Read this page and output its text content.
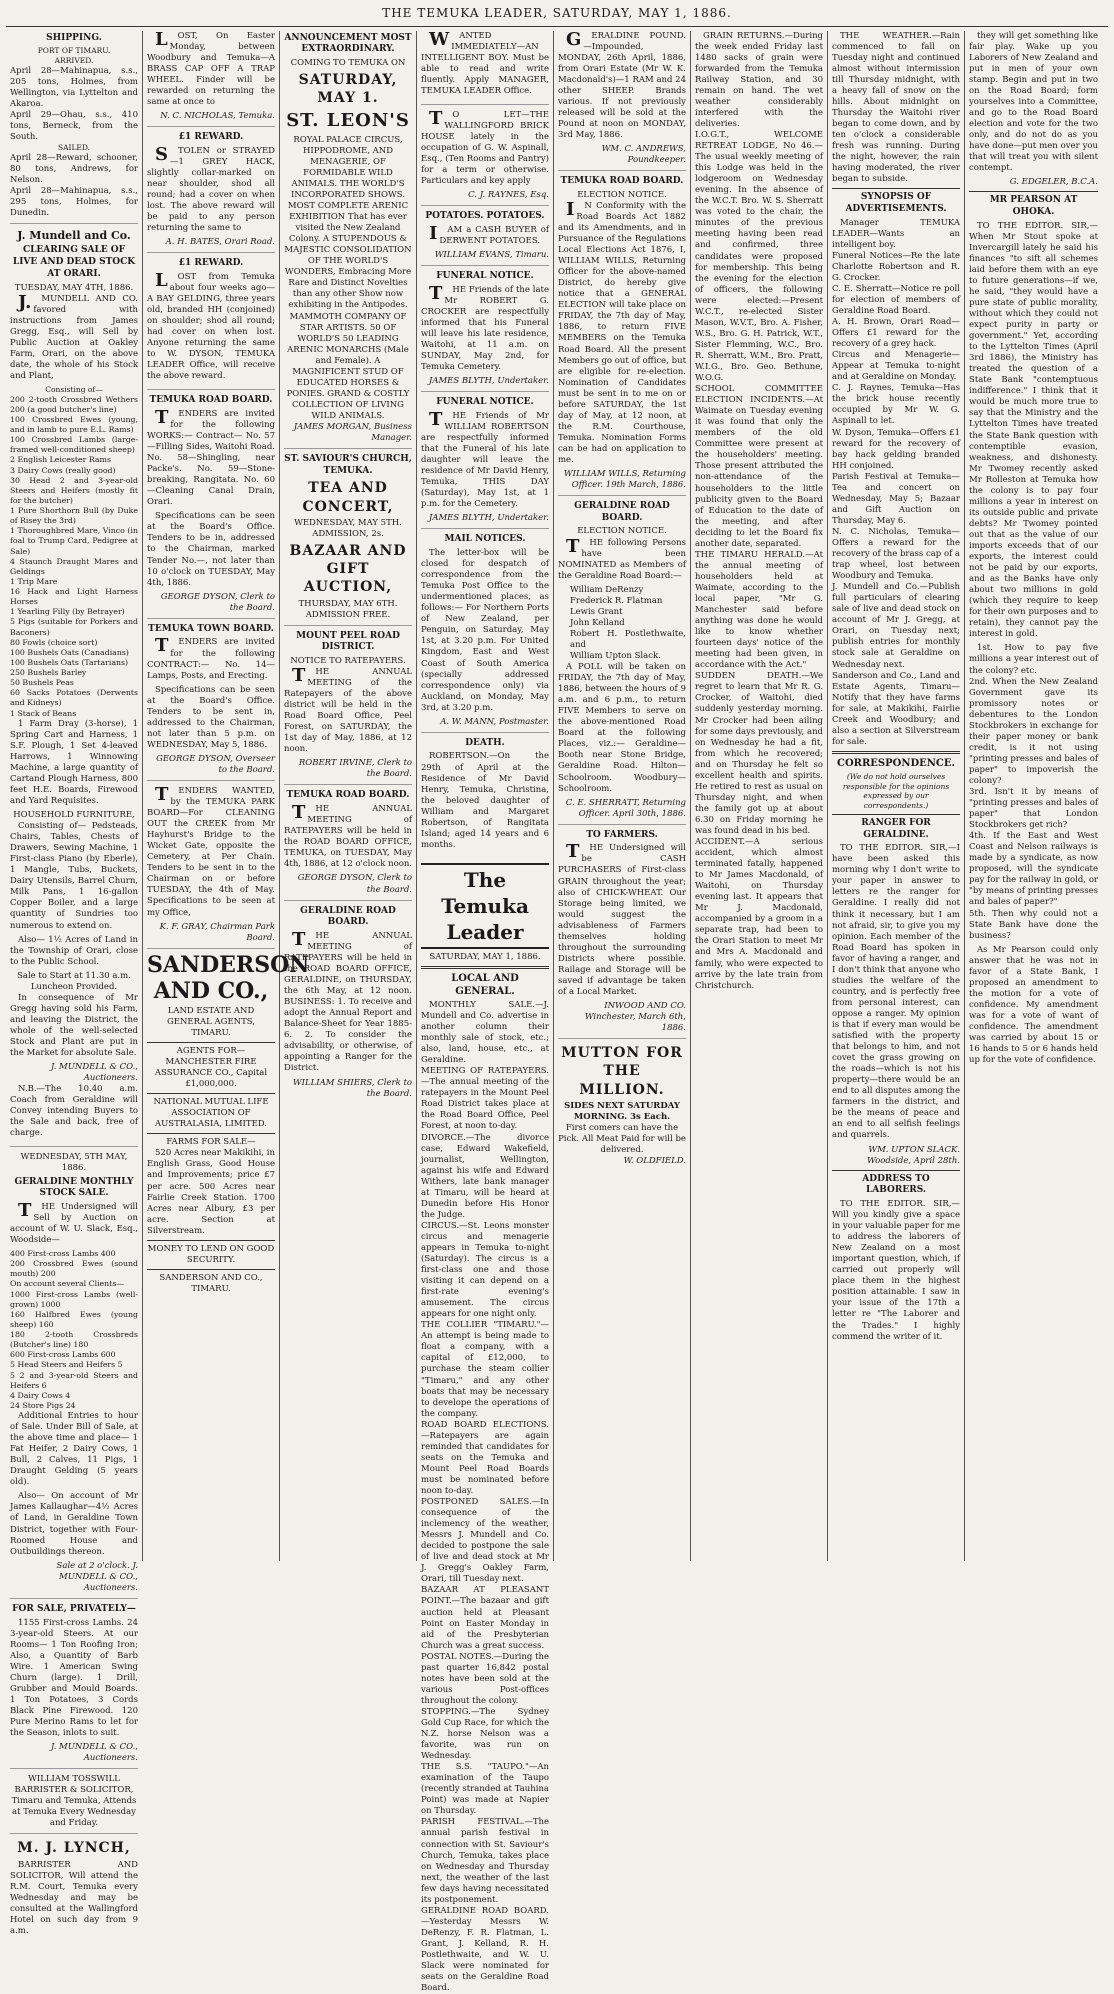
THE TEMUKA LEADER, SATURDAY, MAY 1, 1886.
SHIPPING.
PORT OF TIMARU.
ARRIVED.
April 28—Mahinapua, s.s., 205 tons, Holmes, from Wellington, via Lyttelton and Akaroa.
April 29—Ohau, s.s., 410 tons, Berneck, from the South.
SAILED.
April 28—Reward, schooner, 80 tons, Andrews, for Nelson.
April 28—Mahinapua, s.s., 295 tons, Holmes, for Dunedin.
J. Mundell and Co.
CLEARING SALE OF LIVE AND DEAD STOCK AT ORARI.
TUESDAY, MAY 4TH, 1886.
J.MUNDELL AND CO. favored with instructions from James Gregg, Esq., will Sell by Public Auction at Oakley Farm, Orari, on the above date, the whole of his Stock and Plant,
Consisting of—
200 2-tooth Crossbred Wethers 200 (a good butcher's line)
100 Crossbred Ewes (young, and in lamb to pure E.L. Rams)
100 Crossbred Lambs (large-framed well-conditioned sheep)
2 English Leicester Rams
3 Dairy Cows (really good)
30 Head 2 and 3-year-old Steers and Heifers (mostly fit for the butcher)
1 Pure Shorthorn Bull (by Duke of Risey the 3rd)
1 Thoroughbred Mare, Vinco (in foal to Trump Card, Pedigree at Sale)
4 Staunch Draught Mares and Geldings
1 Trip Mare
16 Hack and Light Harness Horses
1 Yearling Filly (by Betrayer)
5 Pigs (suitable for Porkers and Baconers)
80 Fowls (choice sort)
100 Bushels Oats (Canadians)
100 Bushels Oats (Tartarians)
250 Bushels Barley
50 Bushels Peas
60 Sacks Potatoes (Derwents and Kidneys)
1 Stack of Beans
1 Farm Dray (3-horse), 1 Spring Cart and Harness, 1 S.F. Plough, 1 Set 4-leaved Harrows, 1 Winnowing Machine, a large quantity of Cartand Plough Harness, 800 feet H.E. Boards, Firewood and Yard Requisites.
HOUSEHOLD FURNITURE,
Consisting of— Pedsteads, Chairs, Tables, Chests of Drawers, Sewing Machine, 1 First-class Piano (by Eberle), 1 Mangle, Tubs, Buckets, Dairy Utensils, Barrel Churn, Milk Pans, 1 16-gallon Copper Boiler, and a large quantity of Sundries too numerous to extend on.
Also— 1½ Acres of Land in the Township of Orari, close to the Public School.
Sale to Start at 11.30 a.m. Luncheon Provided.
In consequence of Mr Gregg having sold his Farm, and leaving the District, the whole of the well-selected Stock and Plant are put in the Market for absolute Sale.
J. MUNDELL & CO., Auctioneers.
N.B.—The 10.40 a.m. Coach from Geraldine will Convey intending Buyers to the Sale and back, free of charge.
WEDNESDAY, 5TH MAY, 1886.
GERALDINE MONTHLY STOCK SALE.
THE Undersigned will Sell by Auction on account of W. U. Slack, Esq., Woodside—
400 First-cross Lambs 400
200 Crossbred Ewes (sound mouth) 200
On account several Clients—
1000 First-cross Lambs (well-grown) 1000
160 Halfbred Ewes (young sheep) 160
180 2-tooth Crossbreds (Butcher's line) 180
600 First-cross Lambs 600
5 Head Steers and Heifers 5
5 2 and 3-year-old Steers and Heifers 6
4 Dairy Cows 4
24 Store Pigs 24
Additional Entries to hour of Sale. Under Bill of Sale, at the above time and place— 1 Fat Heifer, 2 Dairy Cows, 1 Bull, 2 Calves, 11 Pigs, 1 Draught Gelding (5 years old).
Also— On account of Mr James Kallaughar—4½ Acres of Land, in Geraldine Town District, together with Four-Roomed House and Outbuildings thereon.
Sale at 2 o'clock. J. MUNDELL & CO., Auctioneers.
FOR SALE, PRIVATELY—
1155 First-cross Lambs. 24 3-year-old Steers. At our Rooms— 1 Ton Roofing Iron; Also, a Quantity of Barb Wire. 1 American Swing Churn (large). 1 Drill, Grubber and Mould Boards. 1 Ton Potatoes, 3 Cords Black Pine Firewood. 120 Pure Merino Rams to let for the Season, inlots to suit.
J. MUNDELL & CO., Auctioneers.
WILLIAM TOSSWILL BARRISTER & SOLICITOR, Timaru and Temuka, Attends at Temuka Every Wednesday and Friday.
M. J. LYNCH,
BARRISTER AND SOLICITOR, Will attend the R.M. Court, Temuka every Wednesday and may be consulted at the Wallingford Hotel on such day from 9 a.m.
LOST, On Easter Monday, between Woodbury and Temuka—A BRASS CAP OFF A TRAP WHEEL. Finder will be rewarded on returning the same at once to
N. C. NICHOLAS, Temuka.
£1 REWARD.
STOLEN or STRAYED—1 GREY HACK, slightly collar-marked on near shoulder, shod all round; had a cover on when lost. The above reward will be paid to any person returning the same to
A. H. BATES, Orari Road.
£1 REWARD.
LOST from Temuka about four weeks ago—A BAY GELDING, three years old, branded HH (conjoined) on shoulder; shod all round; had cover on when lost. Anyone returning the same to W. DYSON, TEMUKA LEADER Office, will receive the above reward.
TEMUKA ROAD BOARD.
TENDERS are invited for the following WORKS:— Contract— No. 57—Filling Sides, Waitohi Road. No. 58—Shingling, near Packe's. No. 59—Stone-breaking, Rangitata. No. 60—Cleaning Canal Drain, Orari.
Specifications can be seen at the Board's Office. Tenders to be in, addressed to the Chairman, marked Tender No.—, not later than 10 o'clock on TUESDAY, May 4th, 1886.
GEORGE DYSON, Clerk to the Board.
TEMUKA TOWN BOARD.
TENDERS are invited for the following CONTRACT:— No. 14—Lamps, Posts, and Erecting.
Specifications can be seen at the Board's Office. Tenders to be sent in, addressed to the Chairman, not later than 5 p.m. on WEDNESDAY, May 5, 1886.
GEORGE DYSON, Overseer to the Board.
TENDERS WANTED, by the TEMUKA PARK BOARD—For CLEANING OUT the CREEK from Mr Hayhurst's Bridge to the Wicket Gate, opposite the Cemetery, at Per Chain. Tenders to be sent in to the Chairman on or before TUESDAY, the 4th of May. Specifications to be seen at my Office,
K. F. GRAY, Chairman Park Board.
SANDERSON
AND CO.,
LAND ESTATE AND GENERAL AGENTS, TIMARU.
AGENTS FOR— MANCHESTER FIRE ASSURANCE CO., Capital £1,000,000.
NATIONAL MUTUAL LIFE ASSOCIATION OF AUSTRALASIA, LIMITED.
FARMS FOR SALE—
520 Acres near Makikihi, in English Grass, Good House and Improvements; price £7 per acre. 500 Acres near Fairlie Creek Station. 1700 Acres near Albury, £3 per acre. Section at Silverstream.
MONEY TO LEND ON GOOD SECURITY.
SANDERSON AND CO., TIMARU.
ANNOUNCEMENT MOST EXTRAORDINARY.
COMING TO TEMUKA ON
SATURDAY, MAY 1.
ST. LEON'S
ROYAL PALACE CIRCUS, HIPPODROME, AND MENAGERIE, OF FORMIDABLE WILD ANIMALS. THE WORLD'S INCORPORATED SHOWS. MOST COMPLETE ARENIC EXHIBITION That has ever visited the New Zealand Colony. A STUPENDOUS & MAJESTIC CONSOLIDATION OF THE WORLD'S WONDERS, Embracing More Rare and Distinct Novelties than any other Show now exhibiting in the Antipodes. MAMMOTH COMPANY OF STAR ARTISTS. 50 OF WORLD'S 50 LEADING ARENIC MONARCHS (Male and Female). A MAGNIFICENT STUD OF EDUCATED HORSES & PONIES. GRAND & COSTLY COLLECTION OF LIVING WILD ANIMALS.
JAMES MORGAN, Business Manager.
ST. SAVIOUR'S CHURCH, TEMUKA.
TEA AND CONCERT,
WEDNESDAY, MAY 5TH. ADMISSION, 2s.
BAZAAR AND GIFT AUCTION,
THURSDAY, MAY 6TH. ADMISSION FREE.
MOUNT PEEL ROAD DISTRICT.
NOTICE TO RATEPAYERS.
THE ANNUAL MEETING of the Ratepayers of the above district will be held in the Road Board Office, Peel Forest, on SATURDAY, the 1st day of May, 1886, at 12 noon.
ROBERT IRVINE, Clerk to the Board.
TEMUKA ROAD BOARD.
THE ANNUAL MEETING of RATEPAYERS will be held in the ROAD BOARD OFFICE, TEMUKA, on TUESDAY, May 4th, 1886, at 12 o'clock noon.
GEORGE DYSON, Clerk to the Board.
GERALDINE ROAD BOARD.
THE ANNUAL MEETING of RATEPAYERS will be held in the ROAD BOARD OFFICE, GERALDINE, on THURSDAY, the 6th May, at 12 noon. BUSINESS: 1. To receive and adopt the Annual Report and Balance-Sheet for Year 1885-6. 2. To consider the advisability, or otherwise, of appointing a Ranger for the District.
WILLIAM SHIERS, Clerk to the Board.
WANTED IMMEDIATELY—AN INTELLIGENT BOY. Must be able to read and write fluently. Apply MANAGER, TEMUKA LEADER Office.
TO LET—THE WALLINGFORD BRICK HOUSE lately in the occupation of G. W. Aspinall, Esq., (Ten Rooms and Pantry) for a term or otherwise. Particulars and key apply
C. J. RAYNES, Esq.
POTATOES. POTATOES.
IAM a CASH BUYER of DERWENT POTATOES.
WILLIAM EVANS, Timaru.
FUNERAL NOTICE.
THE Friends of the late Mr ROBERT G. CROCKER are respectfully informed that his Funeral will leave his late residence, Waitohi, at 11 a.m. on SUNDAY, May 2nd, for Temuka Cemetery.
JAMES BLYTH, Undertaker.
FUNERAL NOTICE.
THE Friends of Mr WILLIAM ROBERTSON are respectfully informed that the Funeral of his late daughter will leave the residence of Mr David Henry, Temuka, THIS DAY (Saturday), May 1st, at 1 p.m. for the Cemetery.
JAMES BLYTH, Undertaker.
MAIL NOTICES.
The letter-box will be closed for despatch of correspondence from the Temuka Post Office to the undermentioned places, as follows:— For Northern Ports of New Zealand, per Penguin, on Saturday, May 1st, at 3.20 p.m. For United Kingdom, East and West Coast of South America (specially addressed correspondence only) via Auckland, on Monday, May 3rd, at 3.20 p.m.
A. W. MANN, Postmaster.
DEATH.
ROBERTSON.—On the 29th of April at the Residence of Mr David Henry, Temuka, Christina, the beloved daughter of William and Margaret Robertson, of Rangitata Island; aged 14 years and 6 months.
The Temuka Leader
SATURDAY, MAY 1, 1886.
LOCAL AND GENERAL.
MONTHLY SALE.—J. Mundell and Co. advertise in another column their monthly sale of stock, etc.; also, land, house, etc., at Geraldine.
MEETING OF RATEPAYERS.—The annual meeting of the ratepayers in the Mount Peel Road District takes place at the Road Board Office, Peel Forest, at noon to-day.
DIVORCE.—The divorce case, Edward Wakefield, journalist, Wellington, against his wife and Edward Withers, late bank manager at Timaru, will be heard at Dunedin before His Honor the Judge.
CIRCUS.—St. Leons monster circus and menagerie appears in Temuka to-night (Saturday). The circus is a first-class one and those visiting it can depend on a first-rate evening's amusement. The circus appears for one night only.
THE COLLIER "TIMARU."—An attempt is being made to float a company, with a capital of £12,000, to purchase the steam collier "Timaru," and any other boats that may be necessary to develope the operations of the company.
ROAD BOARD ELECTIONS.—Ratepayers are again reminded that candidates for seats on the Temuka and Mount Peel Road Boards must be nominated before noon to-day.
POSTPONED SALES.—In consequence of the inclemency of the weather, Messrs J. Mundell and Co. decided to postpone the sale of live and dead stock at Mr J. Gregg's Oakley Farm, Orari, till Tuesday next.
BAZAAR AT PLEASANT POINT.—The bazaar and gift auction held at Pleasant Point on Easter Monday in aid of the Presbyterian Church was a great success.
POSTAL NOTES.—During the past quarter 16,842 postal notes have been sold at the various Post-offices throughout the colony.
STOPPING.—The Sydney Gold Cup Race, for which the N.Z. horse Nelson was a favorite, was run on Wednesday.
THE S.S. "TAUPO."—An examination of the Taupo (recently stranded at Tauhina Point) was made at Napier on Thursday.
PARISH FESTIVAL.—The annual parish festival in connection with St. Saviour's Church, Temuka, takes place on Wednesday and Thursday next, the weather of the last few days having necessitated its postponement.
GERALDINE ROAD BOARD.—Yesterday Messrs W. DeRenzy, F. R. Flatman, L. Grant, J. Kelland, R. H. Postlethwaite, and W. U. Slack were nominated for seats on the Geraldine Road Board.
GERALDINE POUND.—Impounded, MONDAY, 26th April, 1886, from Orari Estate (Mr W. K. Macdonald's)—1 RAM and 24 other SHEEP. Brands various. If not previously released will be sold at the Pound at noon on MONDAY, 3rd May, 1886.
WM. C. ANDREWS, Poundkeeper.
TEMUKA ROAD BOARD.
ELECTION NOTICE.
IN Conformity with the Road Boards Act 1882 and its Amendments, and in Pursuance of the Regulations Local Elections Act 1876, I, WILLIAM WILLS, Returning Officer for the above-named District, do hereby give notice that a GENERAL ELECTION will take place on FRIDAY, the 7th day of May, 1886, to return FIVE MEMBERS on the Temuka Road Board. All the present Members go out of office, but are eligible for re-election. Nomination of Candidates must be sent in to me on or before SATURDAY, the 1st day of May, at 12 noon, at the R.M. Courthouse, Temuka. Nomination Forms can be had on application to me.
WILLIAM WILLS, Returning Officer. 19th March, 1886.
GERALDINE ROAD BOARD.
ELECTION NOTICE.
THE following Persons have been NOMINATED as Members of the Geraldine Road Board:—
William DeRenzy
Frederick R. Flatman
Lewis Grant
John Kelland
Robert H. Postlethwaite, and
William Upton Slack.
A POLL will be taken on FRIDAY, the 7th day of May, 1886, between the hours of 9 a.m. and 6 p.m., to return FIVE Members to serve on the above-mentioned Road Board at the following Places, viz.:— Geraldine—Booth near Stone Bridge, Geraldine Road. Hilton—Schoolroom. Woodbury—Schoolroom.
C. E. SHERRATT, Returning Officer. April 30th, 1886.
TO FARMERS.
THE Undersigned will be CASH PURCHASERS of First-class GRAIN throughout the year; also of CHICK-WHEAT. Our Storage being limited, we would suggest the advisableness of Farmers themselves holding throughout the surrounding Districts where possible. Railage and Storage will be saved if advantage be taken of a Local Market.
INWOOD AND CO. Winchester, March 6th, 1886.
MUTTON FOR THE MILLION.
SIDES NEXT SATURDAY MORNING. 3s Each.
First comers can have the Pick. All Meat Paid for will be delivered.
W. OLDFIELD.
GRAIN RETURNS.—During the week ended Friday last 1480 sacks of grain were forwarded from the Temuka Railway Station, and 30 remain on hand. The wet weather considerably interfered with the deliveries.
I.O.G.T., WELCOME RETREAT LODGE, No 46.—The usual weekly meeting of this Lodge was held in the lodgeroom on Wednesday evening. In the absence of the W.C.T. Bro. W. S. Sherratt was voted to the chair, the minutes of the previous meeting having been read and confirmed, three candidates were proposed for membership. This being the evening for the election of officers, the following were elected:—Present W.C.T., re-elected Sister Mason, W.V.T., Bro. A. Fisher, W.S., Bro. G. H. Patrick, W.T., Sister Flemming, W.C., Bro. R. Sherratt, W.M., Bro. Pratt, W.I.G., Bro. Geo. Bethune, W.O.G.
SCHOOL COMMITTEE ELECTION INCIDENTS.—At Waimate on Tuesday evening it was found that only the members of the old Committee were present at the householders' meeting. Those present attributed the non-attendance of the householders to the little publicity given to the Board of Education to the date of the meeting, and after deciding to let the Board fix another date, separated.
THE TIMARU HERALD.—At the annual meeting of householders held at Waimate, according to the local paper, "Mr G. Manchester said before anything was done he would like to know whether fourteen days' notice of the meeting had been given, in accordance with the Act."
SUDDEN DEATH.—We regret to learn that Mr R. G. Crocker, of Waitohi, died suddenly yesterday morning. Mr Crocker had been ailing for some days previously, and on Wednesday he had a fit, from which he recovered; and on Thursday he felt so excellent health and spirits. He retired to rest as usual on Thursday night, and when the family got up at about 6.30 on Friday morning he was found dead in his bed.
ACCIDENT.—A serious accident, which almost terminated fatally, happened to Mr James Macdonald, of Waitohi, on Thursday evening last. It appears that Mr J. Macdonald, accompanied by a groom in a separate trap, had been to the Orari Station to meet Mr and Mrs A. Macdonald and family, who were expected to arrive by the late train from Christchurch.
THE WEATHER.—Rain commenced to fall on Tuesday night and continued almost without intermission till Thursday midnight, with a heavy fall of snow on the hills. About midnight on Thursday the Waitohi river began to come down, and by ten o'clock a considerable fresh was running. During the night, however, the rain having moderated, the river began to subside.
SYNOPSIS OF ADVERTISEMENTS.
Manager TEMUKA LEADER—Wants an intelligent boy.
Funeral Notices—Re the late Charlotte Robertson and R. G. Crocker.
C. E. Sherratt—Notice re poll for election of members of Geraldine Road Board.
A. H. Brown, Orari Road—Offers £1 reward for the recovery of a grey hack.
Circus and Menagerie—Appear at Temuka to-night and at Geraldine on Monday.
C. J. Raynes, Temuka—Has the brick house recently occupied by Mr W. G. Aspinall to let.
W. Dyson, Temuka—Offers £1 reward for the recovery of bay hack gelding branded HH conjoined.
Parish Festival at Temuka—Tea and concert on Wednesday, May 5; Bazaar and Gift Auction on Thursday, May 6.
N. C. Nicholas, Temuka—Offers a reward for the recovery of the brass cap of a trap wheel, lost between Woodbury and Temuka.
J. Mundell and Co.—Publish full particulars of clearing sale of live and dead stock on account of Mr J. Gregg, at Orari, on Tuesday next; publish entries for monthly stock sale at Geraldine on Wednesday next.
Sanderson and Co., Land and Estate Agents, Timaru—Notify that they have farms for sale, at Makikihi, Fairlie Creek and Woodbury; and also a section at Silverstream for sale.
CORRESPONDENCE.
(We do not hold ourselves responsible for the opinions expressed by our correspondents.)
RANGER FOR GERALDINE.
TO THE EDITOR. SIR,—I have been asked this morning why I don't write to your paper in answer to letters re the ranger for Geraldine. I really did not think it necessary, but I am not afraid, sir, to give you my opinion. Each member of the Road Board has spoken in favor of having a ranger, and I don't think that anyone who studies the welfare of the country, and is perfectly free from personal interest, can oppose a ranger. My opinion is that if every man would be satisfied with the property that belongs to him, and not covet the grass growing on the roads—which is not his property—there would be an end to all disputes among the farmers in the district, and be the means of peace and an end to all selfish feelings and quarrels.
WM. UPTON SLACK. Woodside, April 28th.
ADDRESS TO LABORERS.
TO THE EDITOR. SIR,—Will you kindly give a space in your valuable paper for me to address the laborers of New Zealand on a most important question, which, if carried out properly will place them in the highest position attainable. I saw in your issue of the 17th a letter re "The Laborer and the Trades." I highly commend the writer of it.
they will get something like fair play. Wake up you Laborers of New Zealand and put in men of your own stamp. Begin and put in two on the Road Board; form yourselves into a Committee, and go to the Road Board election and vote for the two only, and do not do as you have done—put men over you that will treat you with silent contempt.
G. EDGELER, B.C.A.
MR PEARSON AT OHOKA.
TO THE EDITOR. SIR,—When Mr Stout spoke at Invercargill lately he said his finances "to sift all schemes laid before them with an eye to future generations—if we, he said, "they would have a pure state of public morality, without which they could not expect purity in party or government." Yet, according to the Lyttelton Times (April 3rd 1886), the Ministry has treated the question of a State Bank "contemptuous indifference." I think that it would be much more true to say that the Ministry and the Lyttelton Times have treated the State Bank question with contemptible evasion, weakness, and dishonesty. Mr Twomey recently asked Mr Rolleston at Temuka how the colony is to pay four millions a year in interest on its outside public and private debts? Mr Twomey pointed out that as the value of our imports exceeds that of our exports, the interest could not be paid by our exports, and as the Banks have only about two millions in gold (which they require to keep for their own purposes and to retain), they cannot pay the interest in gold.
1st. How to pay five millions a year interest out of the colony? etc.
2nd. When the New Zealand Government gave its promissory notes or debentures to the London Stockbrokers in exchange for their paper money or bank credit, is it not using "printing presses and bales of paper" to impoverish the colony?
3rd. Isn't it by means of "printing presses and bales of paper" that London Stockbrokers get rich?
4th. If the East and West Coast and Nelson railways is made by a syndicate, as now proposed, will the syndicate pay for the railway in gold, or "by means of printing presses and bales of paper?"
5th. Then why could not a State Bank have done the business?
As Mr Pearson could only answer that he was not in favor of a State Bank, I proposed an amendment to the motion for a vote of confidence. My amendment was for a vote of want of confidence. The amendment was carried by about 15 or 16 hands to 5 or 6 hands held up for the vote of confidence.
